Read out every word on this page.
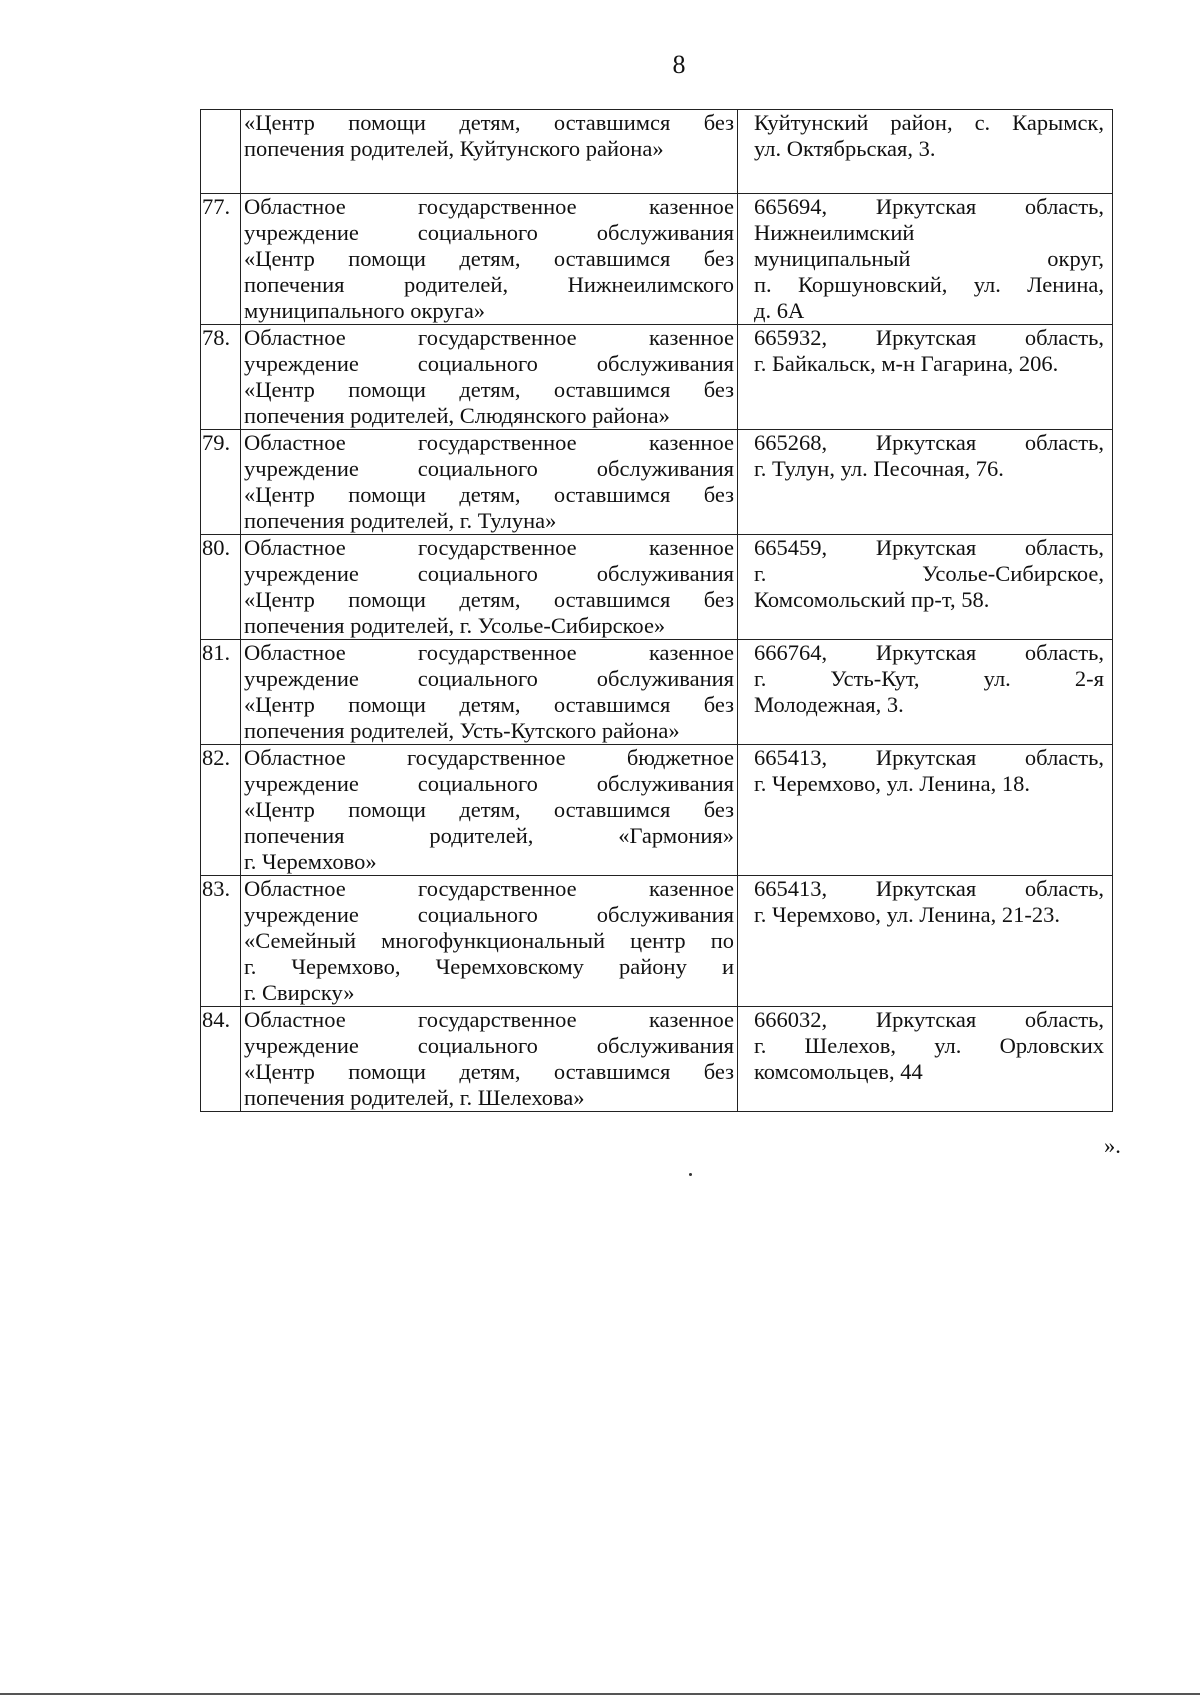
8

	«Центр помощи детям, оставшимся без
попечения родителей, Куйтунского района»	Куйтунский район, с. Карымск,
ул. Октябрьская, 3.

77.	Областное государственное казенное
учреждение социального обслуживания
«Центр помощи детям, оставшимся без
попечения родителей, Нижнеилимского
муниципального округа»	665694, Иркутская область,
Нижнеилимский
муниципальный округ,
п. Коршуновский, ул. Ленина,
д. 6А

78.	Областное государственное казенное
учреждение социального обслуживания
«Центр помощи детям, оставшимся без
попечения родителей, Слюдянского района»	665932, Иркутская область,
г. Байкальск, м-н Гагарина, 206.

79.	Областное государственное казенное
учреждение социального обслуживания
«Центр помощи детям, оставшимся без
попечения родителей, г. Тулуна»	665268, Иркутская область,
г. Тулун, ул. Песочная, 76.

80.	Областное государственное казенное
учреждение социального обслуживания
«Центр помощи детям, оставшимся без
попечения родителей, г. Усолье-Сибирское»	665459, Иркутская область,
г. Усолье-Сибирское,
Комсомольский пр-т, 58.

81.	Областное государственное казенное
учреждение социального обслуживания
«Центр помощи детям, оставшимся без
попечения родителей, Усть-Кутского района»	666764, Иркутская область,
г. Усть-Кут, ул. 2-я
Молодежная, 3.

82.	Областное государственное бюджетное
учреждение социального обслуживания
«Центр помощи детям, оставшимся без
попечения родителей, «Гармония»
г. Черемхово»	665413, Иркутская область,
г. Черемхово, ул. Ленина, 18.

83.	Областное государственное казенное
учреждение социального обслуживания
«Семейный многофункциональный центр по
г. Черемхово, Черемховскому району и
г. Свирску»	665413, Иркутская область,
г. Черемхово, ул. Ленина, 21-23.

84.	Областное государственное казенное
учреждение социального обслуживания
«Центр помощи детям, оставшимся без
попечения родителей, г. Шелехова»	666032, Иркутская область,
г. Шелехов, ул. Орловских
комсомольцев, 44
».
